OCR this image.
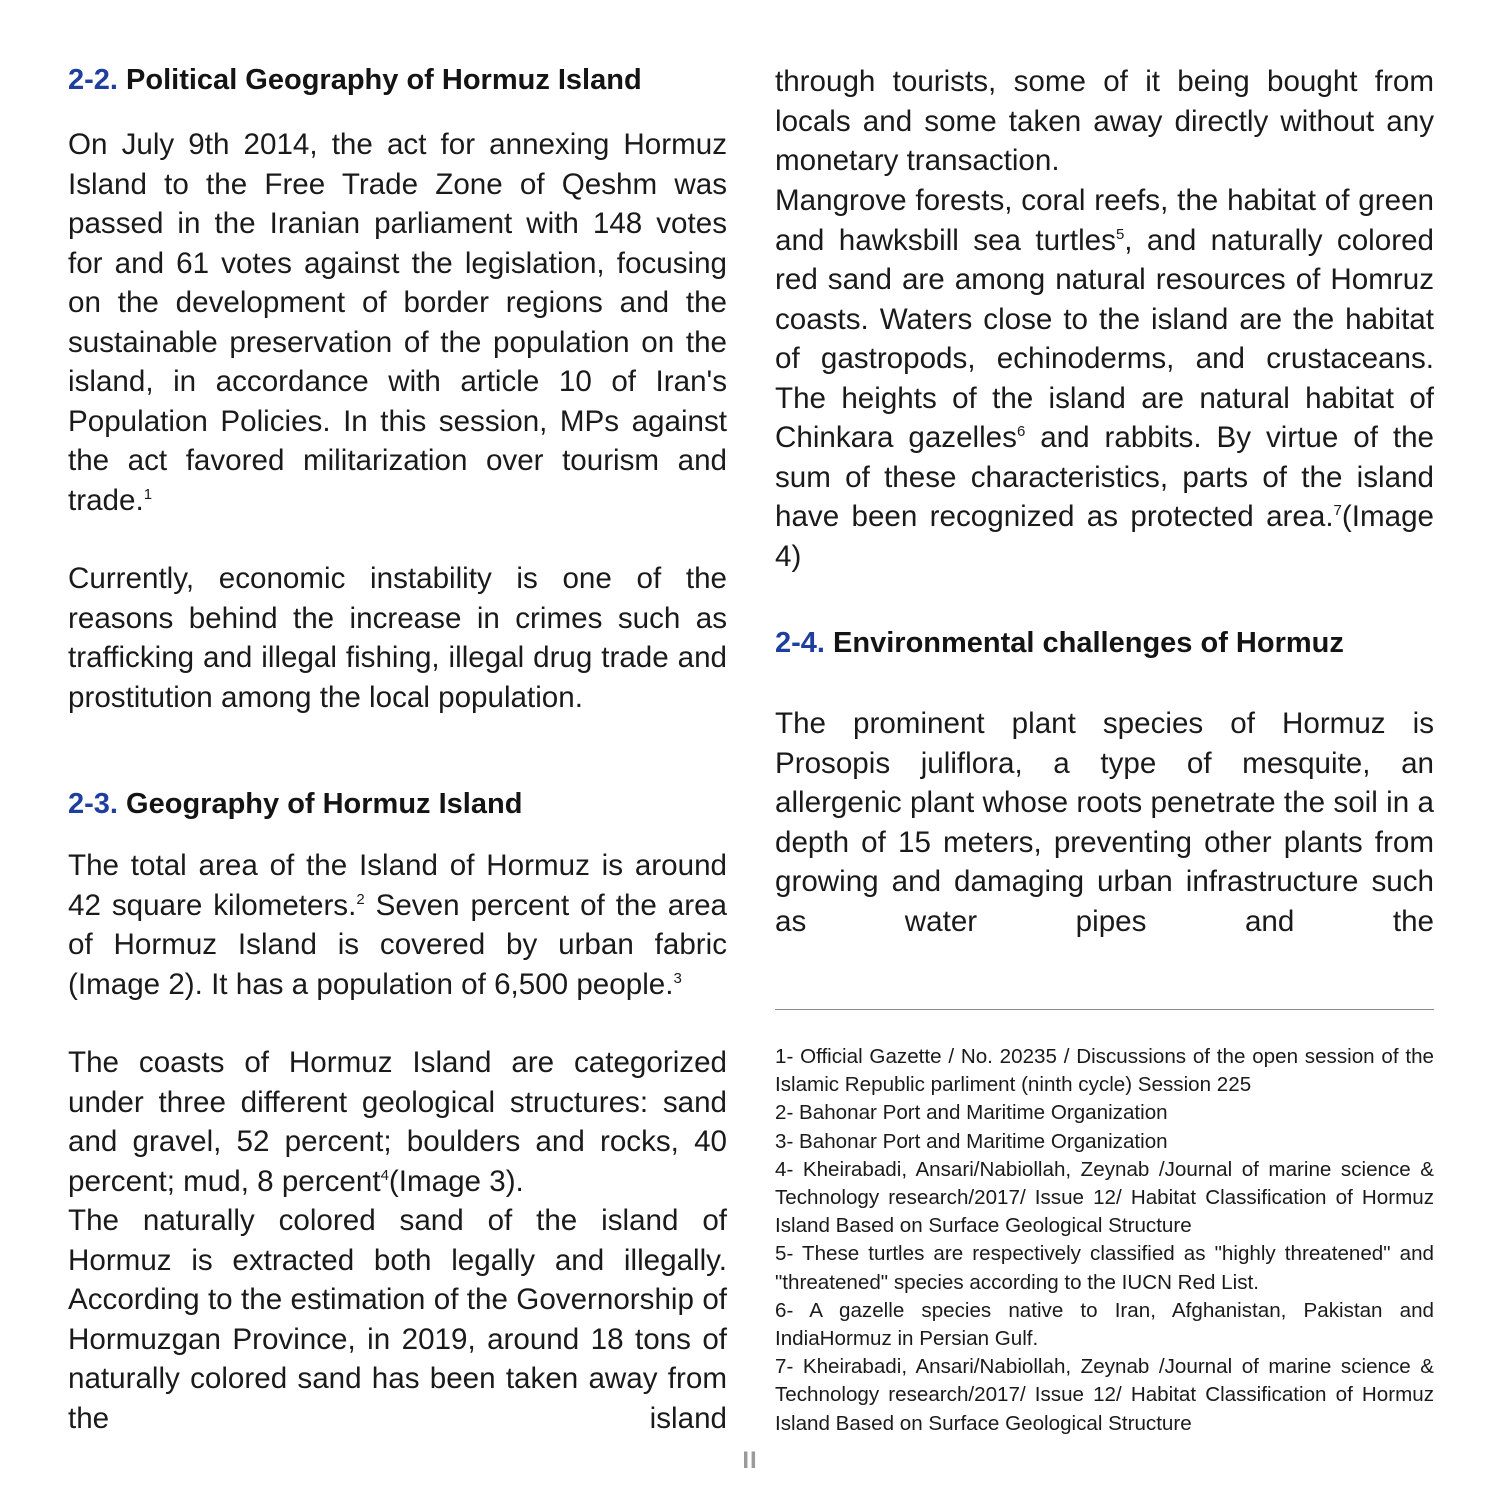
2-2. Political Geography of Hormuz Island

On July 9th 2014, the act for annexing Hormuz Island to the Free Trade Zone of Qeshm was passed in the Iranian parliament with 148 votes for and 61 votes against the legislation, focusing on the development of border regions and the sustainable preservation of the population on the island, in accordance with article 10 of Iran's Population Policies. In this session, MPs against the act favored militarization over tourism and trade.$^1$

Currently, economic instability is one of the reasons behind the increase in crimes such as trafficking and illegal fishing, illegal drug trade and prostitution among the local population.

2-3. Geography of Hormuz Island

The total area of the Island of Hormuz is around 42 square kilometers.$^2$ Seven percent of the area of Hormuz Island is covered by urban fabric (Image 2). It has a population of 6,500 people.$^3$

The coasts of Hormuz Island are categorized under three different geological structures: sand and gravel, 52 percent; boulders and rocks, 40 percent; mud, 8 percent$^4$(Image 3).

The naturally colored sand of the island of Hormuz is extracted both legally and illegally. According to the estimation of the Governorship of Hormuzgan Province, in 2019, around 18 tons of naturally colored sand has been taken away from the island

through tourists, some of it being bought from locals and some taken away directly without any monetary transaction.

Mangrove forests, coral reefs, the habitat of green and hawksbill sea turtles$^5$, and naturally colored red sand are among natural resources of Homruz coasts. Waters close to the island are the habitat of gastropods, echinoderms, and crustaceans. The heights of the island are natural habitat of Chinkara gazelles$^6$ and rabbits. By virtue of the sum of these characteristics, parts of the island have been recognized as protected area.$^7$(Image 4)

2-4. Environmental challenges of Hormuz

The prominent plant species of Hormuz is Prosopis juliflora, a type of mesquite, an allergenic plant whose roots penetrate the soil in a depth of 15 meters, preventing other plants from growing and damaging urban infrastructure such as water pipes and the

1- Official Gazette / No. 20235 / Discussions of the open session of the Islamic Republic parliment (ninth cycle) Session 225
2- Bahonar Port and Maritime Organization
3- Bahonar Port and Maritime Organization
4- Kheirabadi, Ansari/Nabiollah, Zeynab /Journal of marine science & Technology research/2017/ Issue 12/ Habitat Classification of Hormuz Island Based on Surface Geological Structure
5- These turtles are respectively classified as "highly threatened" and "threatened" species according to the IUCN Red List.
6- A gazelle species native to Iran, Afghanistan, Pakistan and IndiaHormuz in Persian Gulf.
7- Kheirabadi, Ansari/Nabiollah, Zeynab /Journal of marine science & Technology research/2017/ Issue 12/ Habitat Classification of Hormuz Island Based on Surface Geological Structure
II
